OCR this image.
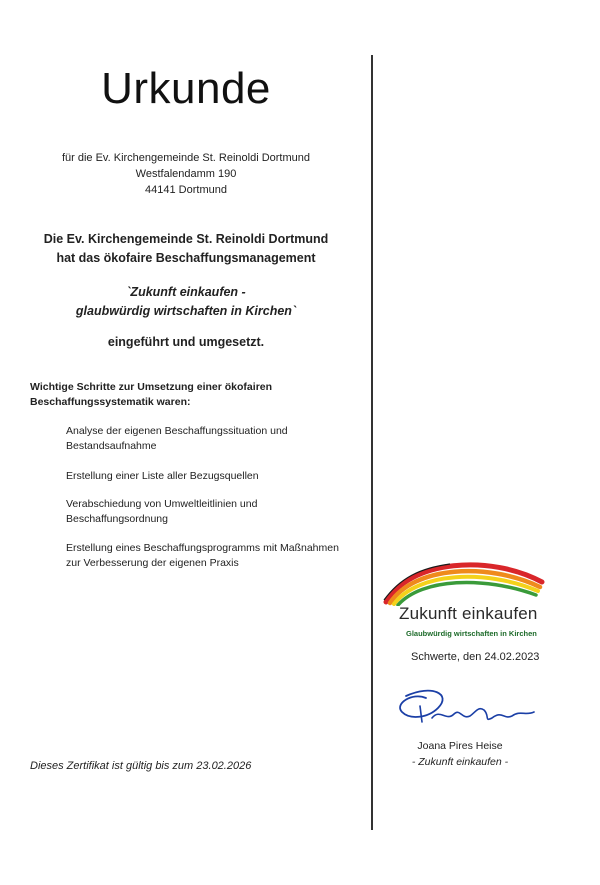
Urkunde
für die Ev. Kirchengemeinde St. Reinoldi Dortmund
Westfalendamm 190
44141 Dortmund
Die Ev. Kirchengemeinde St. Reinoldi Dortmund
hat das ökofaire Beschaffungsmanagement
`Zukunft einkaufen -
glaubwürdig wirtschaften in Kirchen`
eingeführt und umgesetzt.
Wichtige Schritte zur Umsetzung einer ökofairen
Beschaffungssystematik waren:
Analyse der eigenen Beschaffungssituation und
Bestandsaufnahme
Erstellung einer Liste aller Bezugsquellen
Verabschiedung von Umweltleitlinien und
Beschaffungsordnung
Erstellung eines Beschaffungsprogramms mit Maßnahmen
zur Verbesserung der eigenen Praxis
Dieses Zertifikat ist gültig bis zum 23.02.2026
Zukunft einkaufen
Glaubwürdig wirtschaften in Kirchen
Schwerte, den 24.02.2023
Joana Pires Heise
- Zukunft einkaufen -
